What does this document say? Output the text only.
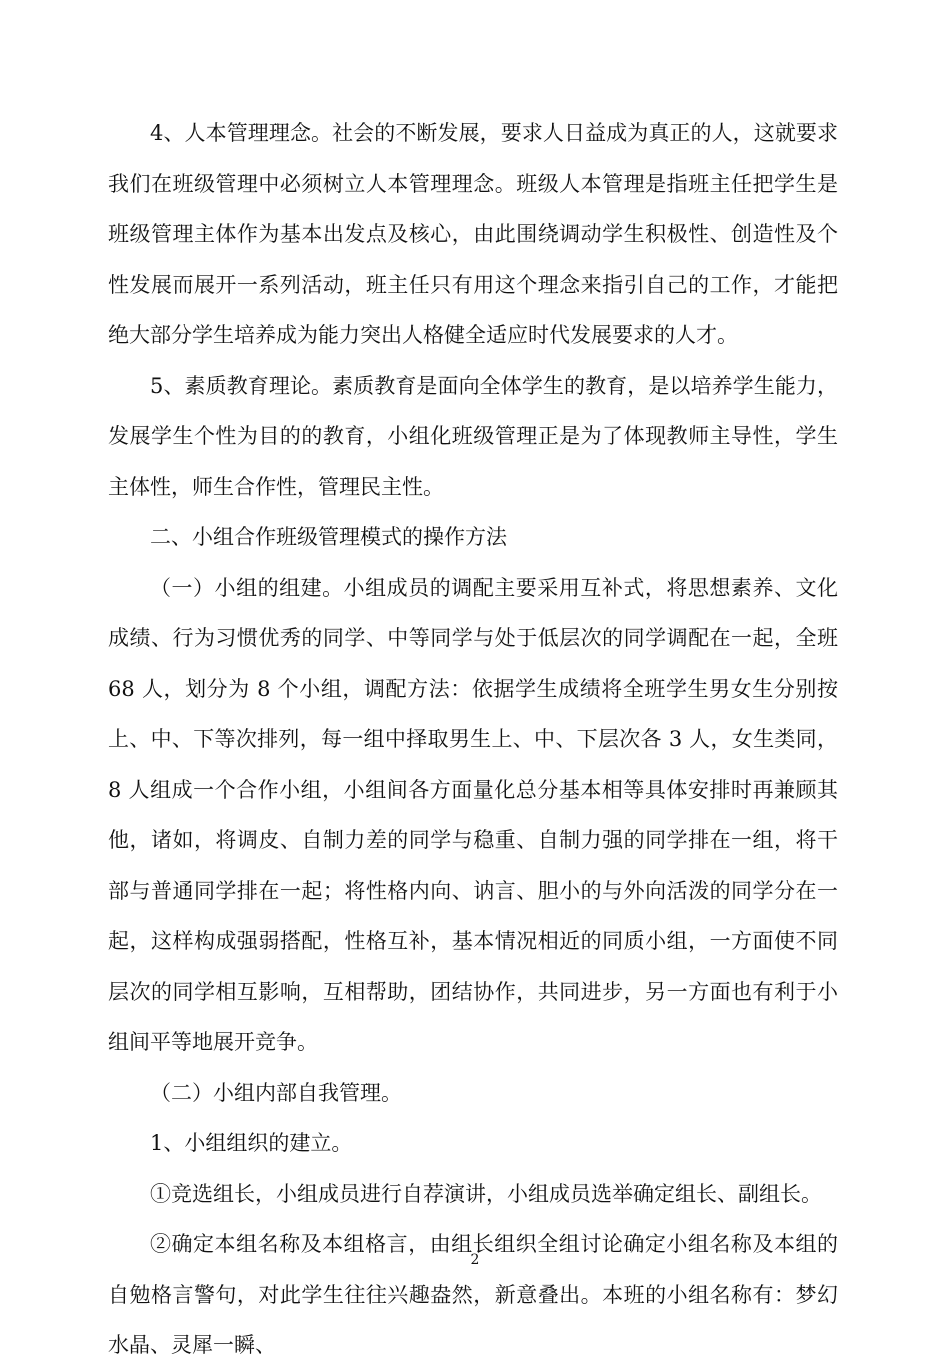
4、人本管理理念。社会的不断发展，要求人日益成为真正的人，这就要求我们在班级管理中必须树立人本管理理念。班级人本管理是指班主任把学生是班级管理主体作为基本出发点及核心，由此围绕调动学生积极性、创造性及个性发展而展开一系列活动，班主任只有用这个理念来指引自己的工作，才能把绝大部分学生培养成为能力突出人格健全适应时代发展要求的人才。

5、素质教育理论。素质教育是面向全体学生的教育，是以培养学生能力，发展学生个性为目的的教育，小组化班级管理正是为了体现教师主导性，学生主体性，师生合作性，管理民主性。

二、小组合作班级管理模式的操作方法

（一）小组的组建。小组成员的调配主要采用互补式，将思想素养、文化成绩、行为习惯优秀的同学、中等同学与处于低层次的同学调配在一起，全班 68 人，划分为 8 个小组，调配方法：依据学生成绩将全班学生男女生分别按上、中、下等次排列，每一组中择取男生上、中、下层次各 3 人，女生类同，8 人组成一个合作小组，小组间各方面量化总分基本相等具体安排时再兼顾其他，诸如，将调皮、自制力差的同学与稳重、自制力强的同学排在一组，将干部与普通同学排在一起；将性格内向、讷言、胆小的与外向活泼的同学分在一起，这样构成强弱搭配，性格互补，基本情况相近的同质小组，一方面使不同层次的同学相互影响，互相帮助，团结协作，共同进步，另一方面也有利于小组间平等地展开竞争。

（二）小组内部自我管理。

1、小组组织的建立。

①竞选组长，小组成员进行自荐演讲，小组成员选举确定组长、副组长。

②确定本组名称及本组格言，由组长组织全组讨论确定小组名称及本组的自勉格言警句，对此学生往往兴趣盎然，新意叠出。本班的小组名称有：梦幻水晶、灵犀一瞬、

2
